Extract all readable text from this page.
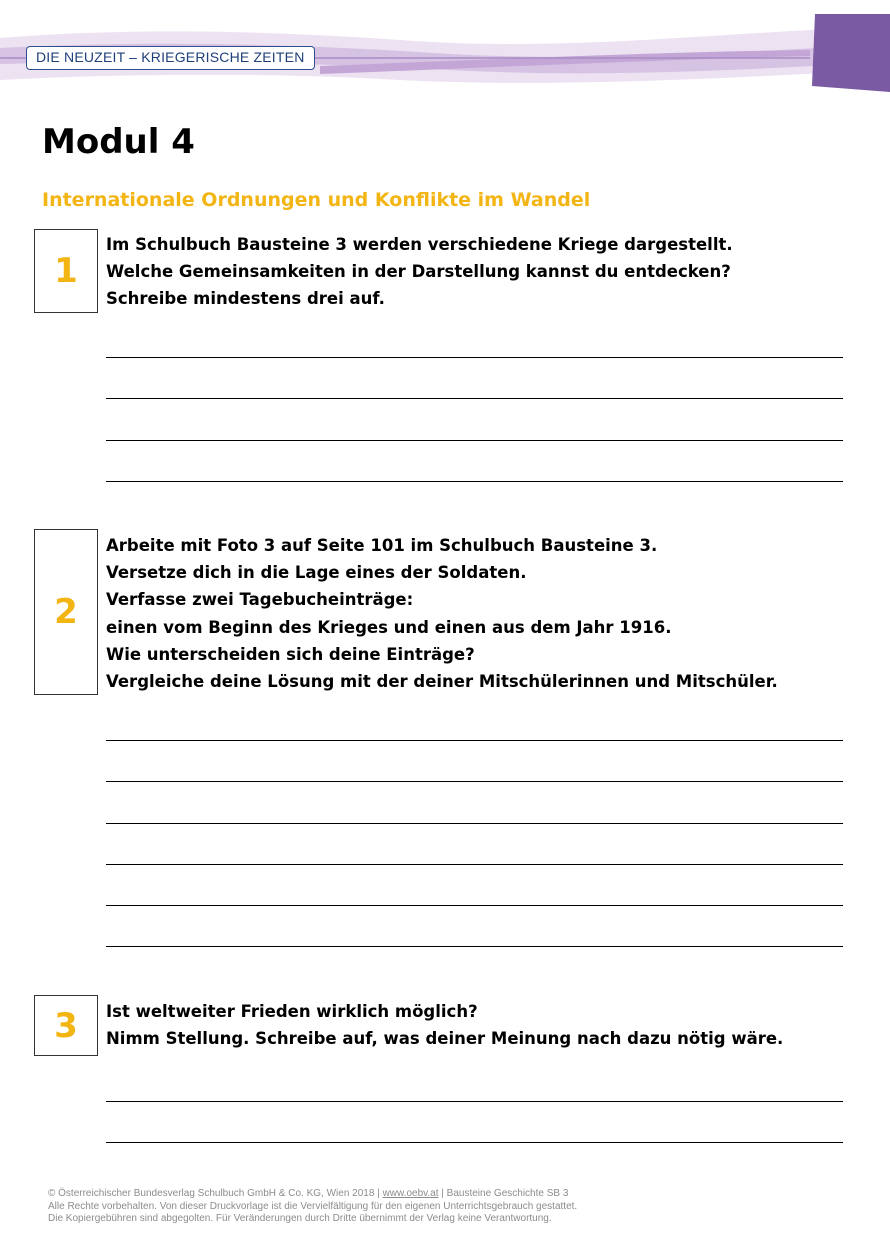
DIE NEUZEIT – KRIEGERISCHE ZEITEN
Modul 4
Internationale Ordnungen und Konflikte im Wandel
1
Im Schulbuch Bausteine 3 werden verschiedene Kriege dargestellt.
Welche Gemeinsamkeiten in der Darstellung kannst du entdecken?
Schreibe mindestens drei auf.
2
Arbeite mit Foto 3 auf Seite 101 im Schulbuch Bausteine 3.
Versetze dich in die Lage eines der Soldaten.
Verfasse zwei Tagebucheinträge:
einen vom Beginn des Krieges und einen aus dem Jahr 1916.
Wie unterscheiden sich deine Einträge?
Vergleiche deine Lösung mit der deiner Mitschülerinnen und Mitschüler.
3	Ist weltweiter Frieden wirklich möglich?
Nimm Stellung. Schreibe auf, was deiner Meinung nach dazu nötig wäre.
© Österreichischer Bundesverlag Schulbuch GmbH & Co. KG, Wien 2018 | www.oebv.at | Bausteine Geschichte SB 3
Alle Rechte vorbehalten. Von dieser Druckvorlage ist die Vervielfältigung für den eigenen Unterrichtsgebrauch gestattet.
Die Kopiergebühren sind abgegolten. Für Veränderungen durch Dritte übernimmt der Verlag keine Verantwortung.
